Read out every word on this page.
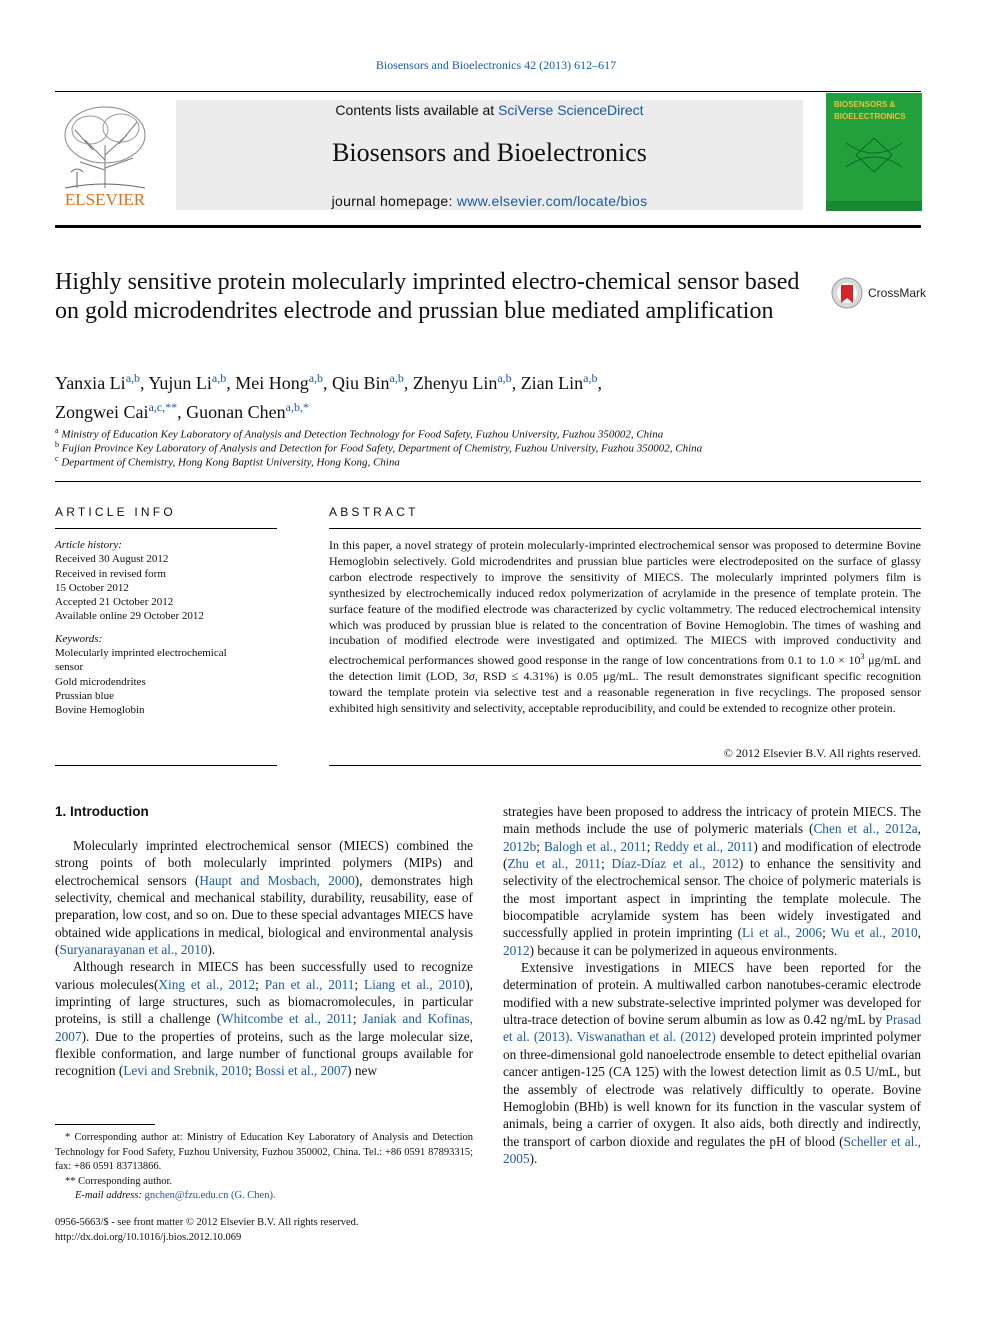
Biosensors and Bioelectronics 42 (2013) 612–617
ELSEVIER
Contents lists available at SciVerse ScienceDirect
Biosensors and Bioelectronics
journal homepage: www.elsevier.com/locate/bios
BIOSENSORS &
BIOELECTRONICS
Highly sensitive protein molecularly imprinted electro-chemical sensor based on gold microdendrites electrode and prussian blue mediated amplification
CrossMark
Yanxia Li$^{a,b}$, Yujun Li$^{a,b}$, Mei Hong$^{a,b}$, Qiu Bin$^{a,b}$, Zhenyu Lin$^{a,b}$, Zian Lin$^{a,b}$,
Zongwei Cai$^{a,c,**}$, Guonan Chen$^{a,b,*}$
$^a$ Ministry of Education Key Laboratory of Analysis and Detection Technology for Food Safety, Fuzhou University, Fuzhou 350002, China
$^b$ Fujian Province Key Laboratory of Analysis and Detection for Food Safety, Department of Chemistry, Fuzhou University, Fuzhou 350002, China
$^c$ Department of Chemistry, Hong Kong Baptist University, Hong Kong, China
ARTICLE INFO
Article history:
Received 30 August 2012
Received in revised form
15 October 2012
Accepted 21 October 2012
Available online 29 October 2012
Keywords:
Molecularly imprinted electrochemical
sensor
Gold microdendrites
Prussian blue
Bovine Hemoglobin
ABSTRACT
In this paper, a novel strategy of protein molecularly-imprinted electrochemical sensor was proposed to determine Bovine Hemoglobin selectively. Gold microdendrites and prussian blue particles were electrodeposited on the surface of glassy carbon electrode respectively to improve the sensitivity of MIECS. The molecularly imprinted polymers film is synthesized by electrochemically induced redox polymerization of acrylamide in the presence of template protein. The surface feature of the modified electrode was characterized by cyclic voltammetry. The reduced electrochemical intensity which was produced by prussian blue is related to the concentration of Bovine Hemoglobin. The times of washing and incubation of modified electrode were investigated and optimized. The MIECS with improved conductivity and electrochemical performances showed good response in the range of low concentrations from 0.1 to $1.0 \times 10^3$ μg/mL and the detection limit (LOD, 3σ, RSD ≤ 4.31%) is 0.05 μg/mL. The result demonstrates significant specific recognition toward the template protein via selective test and a reasonable regeneration in five recyclings. The proposed sensor exhibited high sensitivity and selectivity, acceptable reproducibility, and could be extended to recognize other protein.
© 2012 Elsevier B.V. All rights reserved.
1. Introduction

Molecularly imprinted electrochemical sensor (MIECS) combined the strong points of both molecularly imprinted polymers (MIPs) and electrochemical sensors (Haupt and Mosbach, 2000), demonstrates high selectivity, chemical and mechanical stability, durability, reusability, ease of preparation, low cost, and so on. Due to these special advantages MIECS have obtained wide applications in medical, biological and environmental analysis (Suryanarayanan et al., 2010).

Although research in MIECS has been successfully used to recognize various molecules(Xing et al., 2012; Pan et al., 2011; Liang et al., 2010), imprinting of large structures, such as biomacromolecules, in particular proteins, is still a challenge (Whitcombe et al., 2011; Janiak and Kofinas, 2007). Due to the properties of proteins, such as the large molecular size, flexible conformation, and large number of functional groups available for recognition (Levi and Srebnik, 2010; Bossi et al., 2007) new

strategies have been proposed to address the intricacy of protein MIECS. The main methods include the use of polymeric materials (Chen et al., 2012a, 2012b; Balogh et al., 2011; Reddy et al., 2011) and modification of electrode (Zhu et al., 2011; Díaz-Díaz et al., 2012) to enhance the sensitivity and selectivity of the electrochemical sensor. The choice of polymeric materials is the most important aspect in imprinting the template molecule. The biocompatible acrylamide system has been widely investigated and successfully applied in protein imprinting (Li et al., 2006; Wu et al., 2010, 2012) because it can be polymerized in aqueous environments.

Extensive investigations in MIECS have been reported for the determination of protein. A multiwalled carbon nanotubes-ceramic electrode modified with a new substrate-selective imprinted polymer was developed for ultra-trace detection of bovine serum albumin as low as 0.42 ng/mL by Prasad et al. (2013). Viswanathan et al. (2012) developed protein imprinted polymer on three-dimensional gold nanoelectrode ensemble to detect epithelial ovarian cancer antigen-125 (CA 125) with the lowest detection limit as 0.5 U/mL, but the assembly of electrode was relatively difficultly to operate. Bovine Hemoglobin (BHb) is well known for its function in the vascular system of animals, being a carrier of oxygen. It also aids, both directly and indirectly, the transport of carbon dioxide and regulates the pH of blood (Scheller et al., 2005).

* Corresponding author at: Ministry of Education Key Laboratory of Analysis and Detection Technology for Food Safety, Fuzhou University, Fuzhou 350002, China. Tel.: +86 0591 87893315; fax: +86 0591 83713866.
** Corresponding author.
E-mail address: gnchen@fzu.edu.cn (G. Chen).
0956-5663/$ - see front matter © 2012 Elsevier B.V. All rights reserved.
http://dx.doi.org/10.1016/j.bios.2012.10.069
